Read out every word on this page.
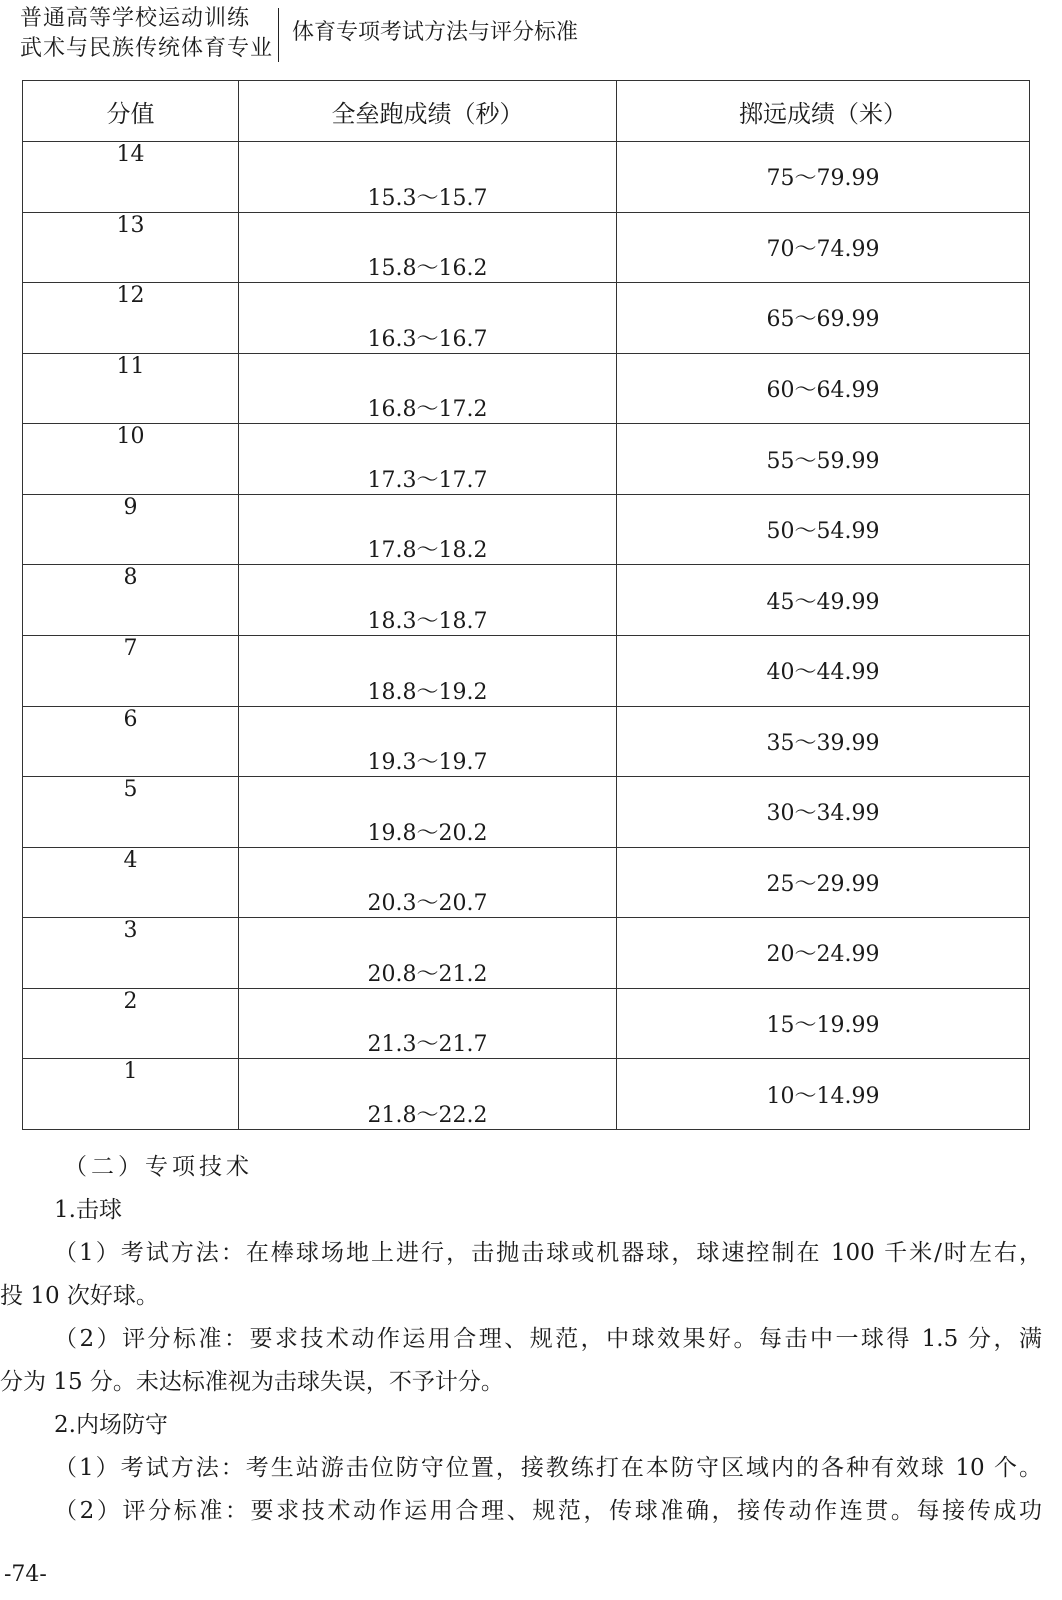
普通高等学校运动训练
武术与民族传统体育专业
体育专项考试方法与评分标准
分值	全垒跑成绩（秒）	掷远成绩（米）
14	15.3～15.7	75～79.99
13	15.8～16.2	70～74.99
12	16.3～16.7	65～69.99
11	16.8～17.2	60～64.99
10	17.3～17.7	55～59.99
9	17.8～18.2	50～54.99
8	18.3～18.7	45～49.99
7	18.8～19.2	40～44.99
6	19.3～19.7	35～39.99
5	19.8～20.2	30～34.99
4	20.3～20.7	25～29.99
3	20.8～21.2	20～24.99
2	21.3～21.7	15～19.99
1	21.8～22.2	10～14.99

（二）专项技术

1.击球

（1）考试方法：在棒球场地上进行，击抛击球或机器球，球速控制在 100 千米/时左右，

投 10 次好球。

（2）评分标准：要求技术动作运用合理、规范，中球效果好。每击中一球得 1.5 分，满

分为 15 分。未达标准视为击球失误，不予计分。

2.内场防守

（1）考试方法：考生站游击位防守位置，接教练打在本防守区域内的各种有效球 10 个。

（2）评分标准：要求技术动作运用合理、规范，传球准确，接传动作连贯。每接传成功

-74-
